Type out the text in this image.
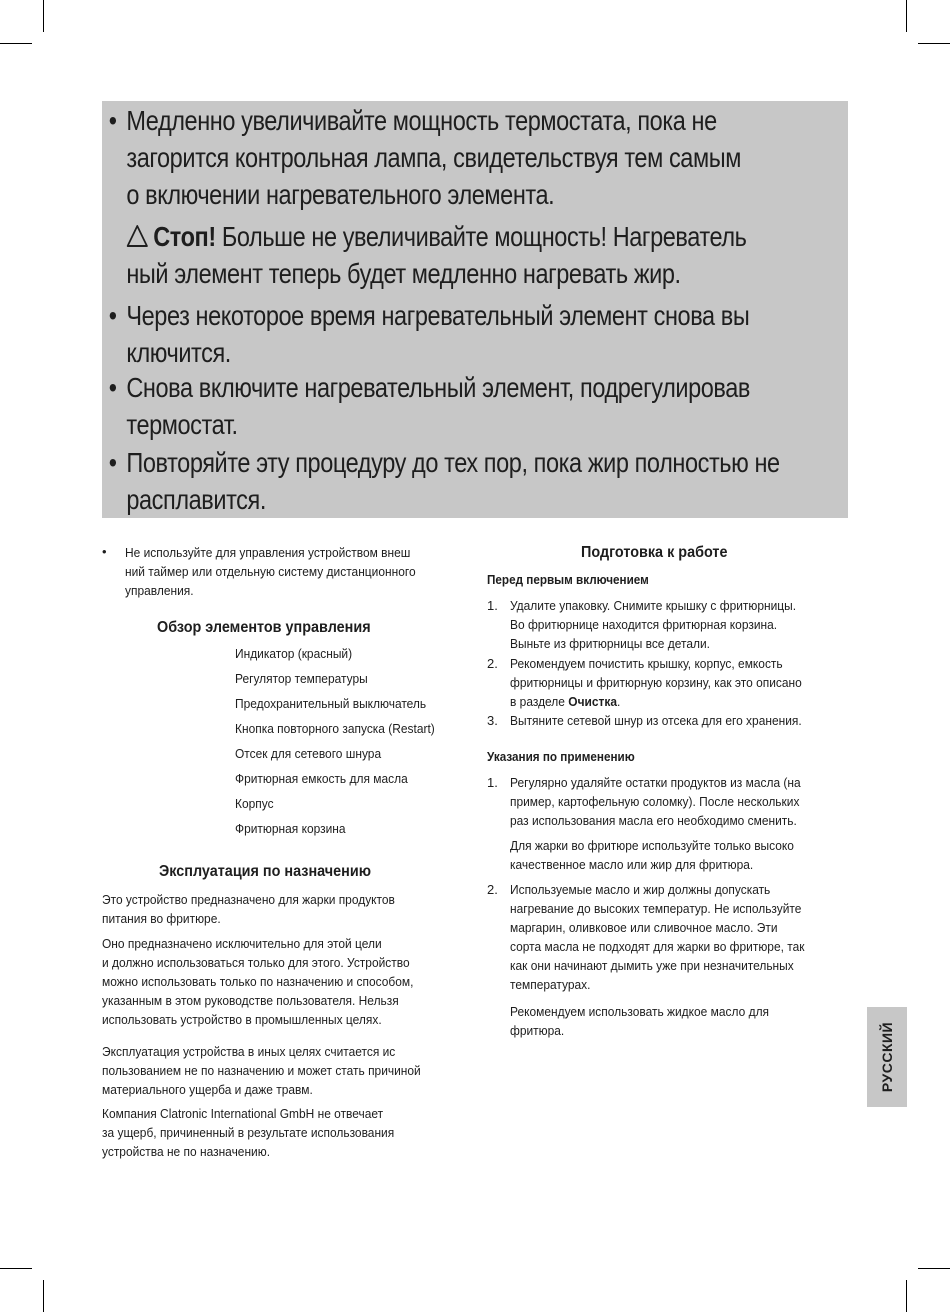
• Медленно увеличивайте мощность термостата, пока не
загорится контрольная лампа, свидетельствуя тем самым
о включении нагревательного элемента.
Стоп! Больше не увеличивайте мощность! Нагреватель
ный элемент теперь будет медленно нагревать жир.
• Через некоторое время нагревательный элемент снова вы
ключится.
• Снова включите нагревательный элемент, подрегулировав
термостат.
• Повторяйте эту процедуру до тех пор, пока жир полностью не
расплавится.
• Не используйте для управления устройством внеш
ний таймер или отдельную систему дистанционного
управления.
Обзор элементов управления
Индикатор (красный)
Регулятор температуры
Предохранительный выключатель
Кнопка повторного запуска (Restart)
Отсек для сетевого шнура
Фритюрная емкость для масла
Корпус
Фритюрная корзина
Эксплуатация по назначению
Это устройство предназначено для жарки продуктов
питания во фритюре.
Оно предназначено исключительно для этой цели
и должно использоваться только для этого. Устройство
можно использовать только по назначению и способом,
указанным в этом руководстве пользователя. Нельзя
использовать устройство в промышленных целях.
Эксплуатация устройства в иных целях считается ис
пользованием не по назначению и может стать причиной
материального ущерба и даже травм.
Компания Clatronic International GmbH не отвечает
за ущерб, причиненный в результате использования
устройства не по назначению.
Подготовка к работе
Перед первым включением
1. Удалите упаковку. Снимите крышку с фритюрницы.
Во фритюрнице находится фритюрная корзина.
Выньте из фритюрницы все детали.
2. Рекомендуем почистить крышку, корпус, емкость
фритюрницы и фритюрную корзину, как это описано
в разделе Очистка.
3. Вытяните сетевой шнур из отсека для его хранения.
Указания по применению
1. Регулярно удаляйте остатки продуктов из масла (на
пример, картофельную соломку). После нескольких
раз использования масла его необходимо сменить.
Для жарки во фритюре используйте только высоко
качественное масло или жир для фритюра.
2. Используемые масло и жир должны допускать
нагревание до высоких температур. Не используйте
маргарин, оливковое или сливочное масло. Эти
сорта масла не подходят для жарки во фритюре, так
как они начинают дымить уже при незначительных
температурах.
Рекомендуем использовать жидкое масло для
фритюра.	РУССКИЙ
